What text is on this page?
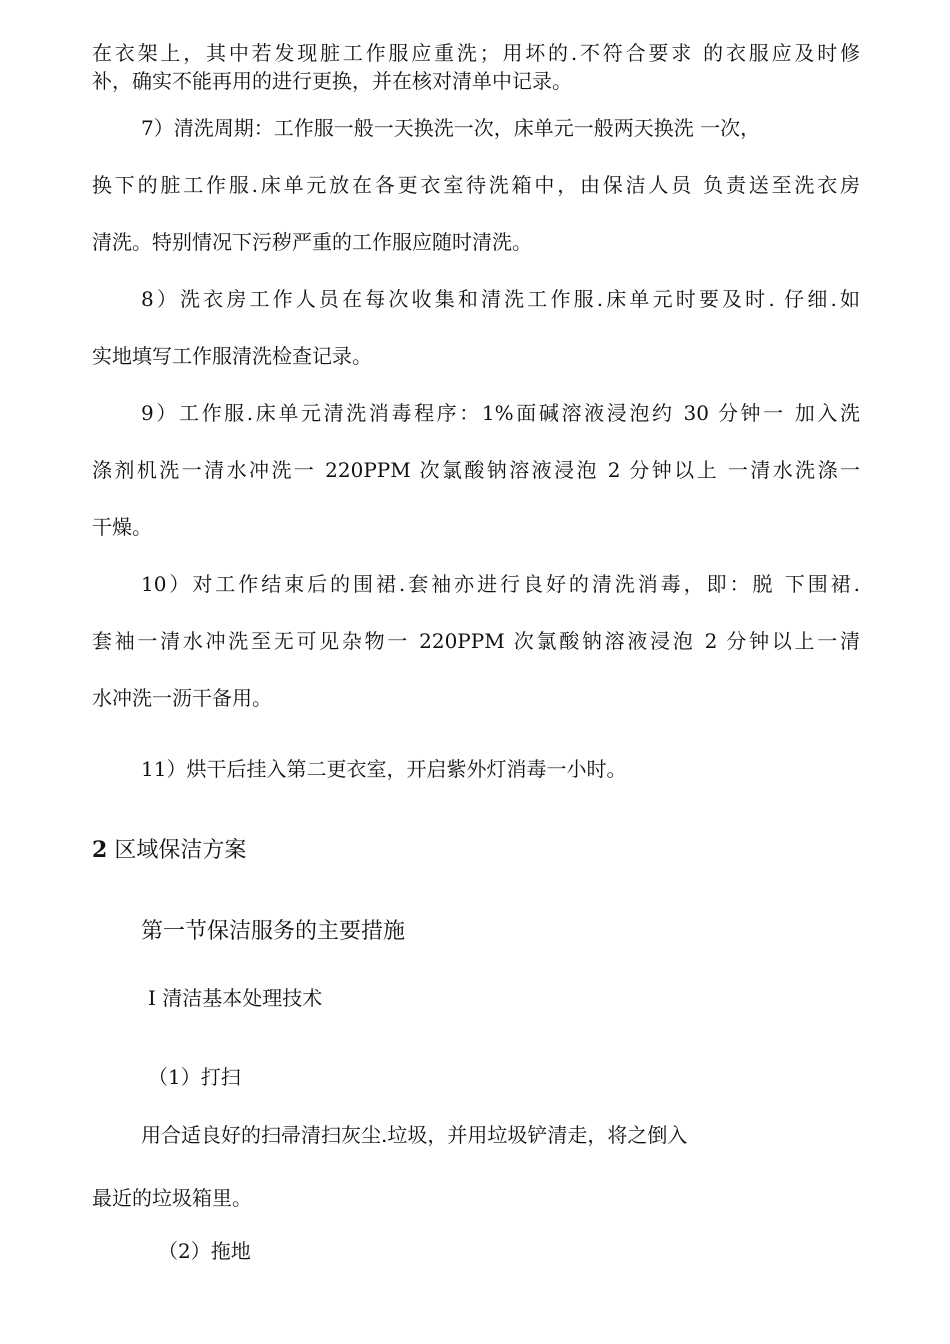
在衣架上，其中若发现脏工作服应重洗；用坏的.不符合要求 的衣服应及时修
补，确实不能再用的进行更换，并在核对清单中记录。
7）清洗周期：工作服一般一天换洗一次，床单元一般两天换洗 一次，
换下的脏工作服.床单元放在各更衣室待洗箱中，由保洁人员 负责送至洗衣房
清洗。特别情况下污秽严重的工作服应随时清洗。
8）洗衣房工作人员在每次收集和清洗工作服.床单元时要及时. 仔细.如
实地填写工作服清洗检查记录。
9）工作服.床单元清洗消毒程序：1%面碱溶液浸泡约 30 分钟一 加入洗
涤剂机洗一清水冲洗一 220PPM 次氯酸钠溶液浸泡 2 分钟以上 一清水洗涤一
干燥。
10）对工作结束后的围裙.套袖亦进行良好的清洗消毒，即：脱 下围裙.
套袖一清水冲洗至无可见杂物一 220PPM 次氯酸钠溶液浸泡 2 分钟以上一清
水冲洗一沥干备用。
11）烘干后挂入第二更衣室，开启紫外灯消毒一小时。
2 区域保洁方案
第一节保洁服务的主要措施
I 清洁基本处理技术
（1）打扫
用合适良好的扫帚清扫灰尘.垃圾，并用垃圾铲清走，将之倒入
最近的垃圾箱里。
（2）拖地
